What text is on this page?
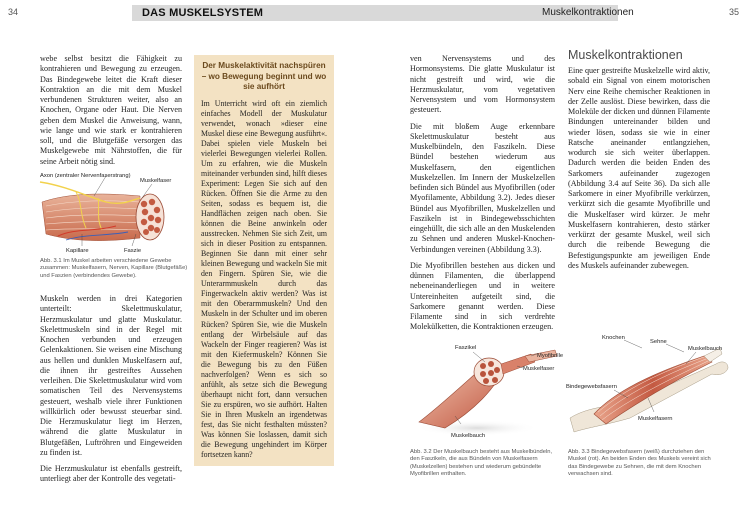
34	DAS MUSKELSYSTEM

webe selbst besitzt die Fähigkeit zu kontrahieren und Bewegung zu erzeugen. Das Bindegewebe leitet die Kraft dieser Kontraktion an die mit dem Muskel verbundenen Strukturen weiter, also an Knochen, Organe oder Haut. Die Nerven geben dem Muskel die Anweisung, wann, wie lange und wie stark er kontrahieren soll, und die Blutgefäße versorgen das Muskelgewebe mit Nährstoffen, die für seine Arbeit nötig sind.

Axon (zentraler Nervenfaserstrang)
Muskelfaser
Kapillare	Faszie
Abb. 3.1 Im Muskel arbeiten verschiedene Gewebe zusammen: Muskelfasern, Nerven, Kapillare (Blutgefäße) und Faszien (verbindendes Gewebe).

Muskeln werden in drei Kategorien unterteilt: Skelettmuskulatur, Herzmuskulatur und glatte Muskulatur. Skelettmuskeln sind in der Regel mit Knochen verbunden und erzeugen Gelenkaktionen. Sie weisen eine Mischung aus hellen und dunklen Muskelfasern auf, die ihnen ihr gestreiftes Aussehen verleihen. Die Skelettmuskulatur wird vom somatischen Teil des Nervensystems gesteuert, weshalb viele ihrer Funktionen willkürlich oder bewusst steuerbar sind. Die Herzmuskulatur liegt im Herzen, während die glatte Muskulatur in Blutgefäßen, Luftröhren und Eingeweiden zu finden ist.

Die Herzmuskulatur ist ebenfalls gestreift, unterliegt aber der Kontrolle des vegetati-

Der Muskelaktivität nachspüren – wo Bewegung beginnt und wo sie aufhört

Im Unterricht wird oft ein ziemlich einfaches Modell der Muskulatur verwendet, wonach »dieser eine Muskel diese eine Bewegung ausführt«. Dabei spielen viele Muskeln bei vielerlei Bewegungen vielerlei Rollen. Um zu erfahren, wie die Muskeln miteinander verbunden sind, hilft dieses Experiment: Legen Sie sich auf den Rücken. Öffnen Sie die Arme zu den Seiten, sodass es bequem ist, die Handflächen zeigen nach oben. Sie können die Beine anwinkeln oder ausstrecken. Nehmen Sie sich Zeit, um sich in dieser Position zu entspannen. Beginnen Sie dann mit einer sehr kleinen Bewegung und wackeln Sie mit den Fingern. Spüren Sie, wie die Unterarmmuskeln durch das Fingerwackeln aktiv werden? Was ist mit den Oberarmmuskeln? Und den Muskeln in der Schulter und im oberen Rücken? Spüren Sie, wie die Muskeln entlang der Wirbelsäule auf das Wackeln der Finger reagieren? Was ist mit den Kiefermuskeln? Können Sie die Bewegung bis zu den Füßen nachverfolgen? Wenn es sich so anfühlt, als setze sich die Bewegung überhaupt nicht fort, dann versuchen Sie zu erspüren, wo sie aufhört. Halten Sie in Ihren Muskeln an irgendetwas fest, das Sie nicht festhalten müssten? Was können Sie loslassen, damit sich die Bewegung ungehindert im Körper fortsetzen kann?

Muskelkontraktionen	35

ven Nervensystems und des Hormonsystems. Die glatte Muskulatur ist nicht gestreift und wird, wie die Herzmuskulatur, vom vegetativen Nervensystem und vom Hormonsystem gesteuert.

Die mit bloßem Auge erkennbare Skelettmuskulatur besteht aus Muskelbündeln, den Faszikeln. Diese Bündel bestehen wiederum aus Muskelfasern, den eigentlichen Muskelzellen. Im Innern der Muskelzellen befinden sich Bündel aus Myofibrillen (oder Myofilamente, Abbildung 3.2). Jedes dieser Bündel aus Myofibrillen, Muskelzellen und Faszikeln ist in Bindegewebsschichten eingehüllt, die sich alle an den Muskelenden zu Sehnen und anderen Muskel-Knochen-Verbindungen vereinen (Abbildung 3.3).

Die Myofibrillen bestehen aus dicken und dünnen Filamenten, die überlappend nebeneinanderliegen und in weitere Untereinheiten aufgeteilt sind, die Sarkomere genannt werden. Diese Filamente sind in sich verdrehte Molekülketten, die Kontraktionen erzeugen.

Muskelkontraktionen

Eine quer gestreifte Muskelzelle wird aktiv, sobald ein Signal von einem motorischen Nerv eine Reihe chemischer Reaktionen in der Zelle auslöst. Diese bewirken, dass die Moleküle der dicken und dünnen Filamente Bindungen untereinander bilden und wieder lösen, sodass sie wie in einer Ratsche aneinander entlangziehen, wodurch sie sich weiter überlappen. Dadurch werden die beiden Enden des Sarkomers aufeinander zugezogen (Abbildung 3.4 auf Seite 36). Da sich alle Sarkomere in einer Myofibrille verkürzen, verkürzt sich die gesamte Myofibrille und die Muskelfaser wird kürzer. Je mehr Muskelfasern kontrahieren, desto stärker verkürzt der gesamte Muskel, weil sich durch die reibende Bewegung die Befestigungspunkte am jeweiligen Ende des Muskels aufeinander zubewegen.

Faszikel
Myofibrille
Muskelfaser
Muskelbauch
Abb. 3.2 Der Muskelbauch besteht aus Muskelbündeln, den Faszikeln, die aus Bündeln von Muskelfasern (Muskelzellen) bestehen und wiederum gebündelte Myofibrillen enthalten.
Knochen
Sehne
Muskelbauch
Bindegewebsfasern
Muskelfasern
Abb. 3.3 Bindegewebsfasern (weiß) durchziehen den Muskel (rot). An beiden Enden des Muskels vereint sich das Bindegewebe zu Sehnen, die mit dem Knochen verwachsen sind.
